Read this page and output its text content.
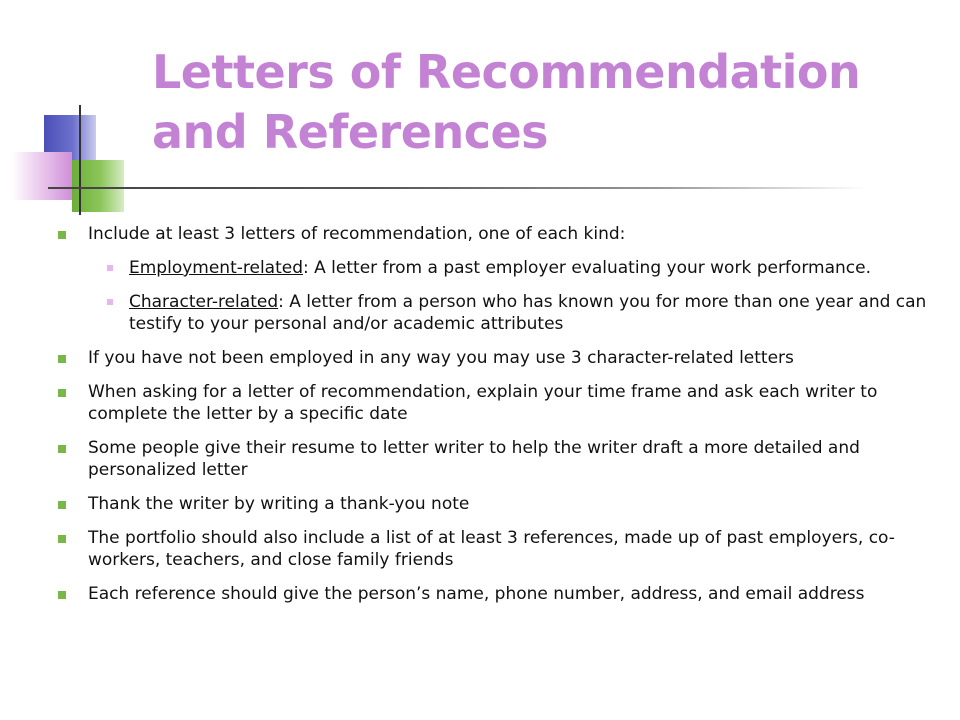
Letters of Recommendation
and References
Include at least 3 letters of recommendation, one of each kind:
Employment-related: A letter from a past employer evaluating your work performance.
Character-related: A letter from a person who has known you for more than one year and can testify to your personal and/or academic attributes
If you have not been employed in any way you may use 3 character-related letters
When asking for a letter of recommendation, explain your time frame and ask each writer to complete the letter by a specific date
Some people give their resume to letter writer to help the writer draft a more detailed and personalized letter
Thank the writer by writing a thank-you note
The portfolio should also include a list of at least 3 references, made up of past employers, co-workers, teachers, and close family friends
Each reference should give the person’s name, phone number, address, and email address
